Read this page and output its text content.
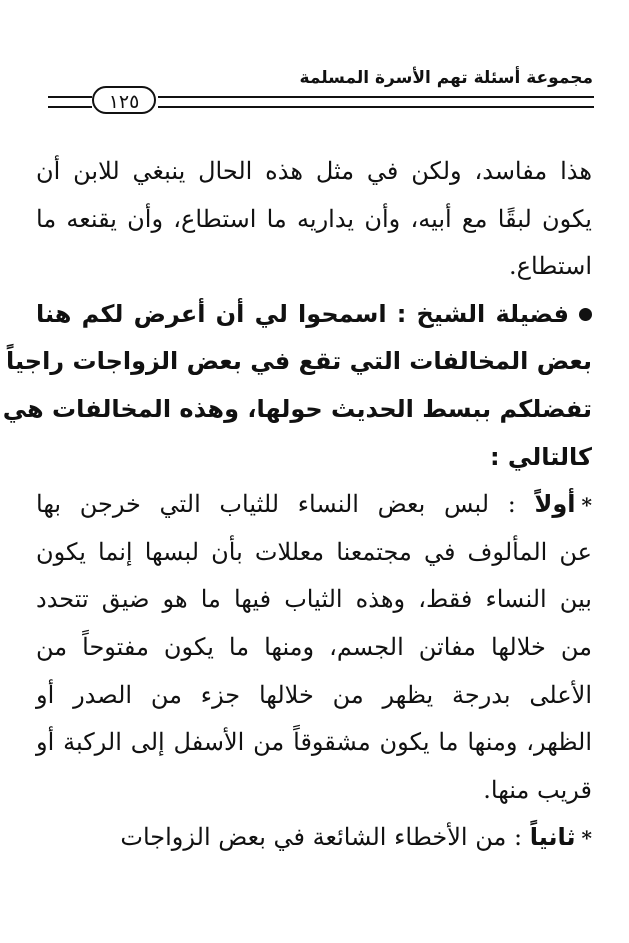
مجموعة أسئلة تهم الأسرة المسلمة
١٢٥
هذا مفاسد، ولكن في مثل هذه الحال ينبغي للابن أن
يكون لبقًا مع أبيه، وأن يداريه ما استطاع، وأن يقنعه ما
استطاع.
فضيلة الشيخ : اسمحوا لي أن أعرض لكم هنا
بعض المخالفات التي تقع في بعض الزواجات راجياً
تفضلكم ببسط الحديث حولها، وهذه المخالفات هي
كالتالي :
*أولاً : لبس بعض النساء للثياب التي خرجن بها
عن المألوف في مجتمعنا معللات بأن لبسها إنما يكون
بين النساء فقط، وهذه الثياب فيها ما هو ضيق تتحدد
من خلالها مفاتن الجسم، ومنها ما يكون مفتوحاً من
الأعلى بدرجة يظهر من خلالها جزء من الصدر أو
الظهر، ومنها ما يكون مشقوقاً من الأسفل إلى الركبة أو
قريب منها.
*ثانياً : من الأخطاء الشائعة في بعض الزواجات
